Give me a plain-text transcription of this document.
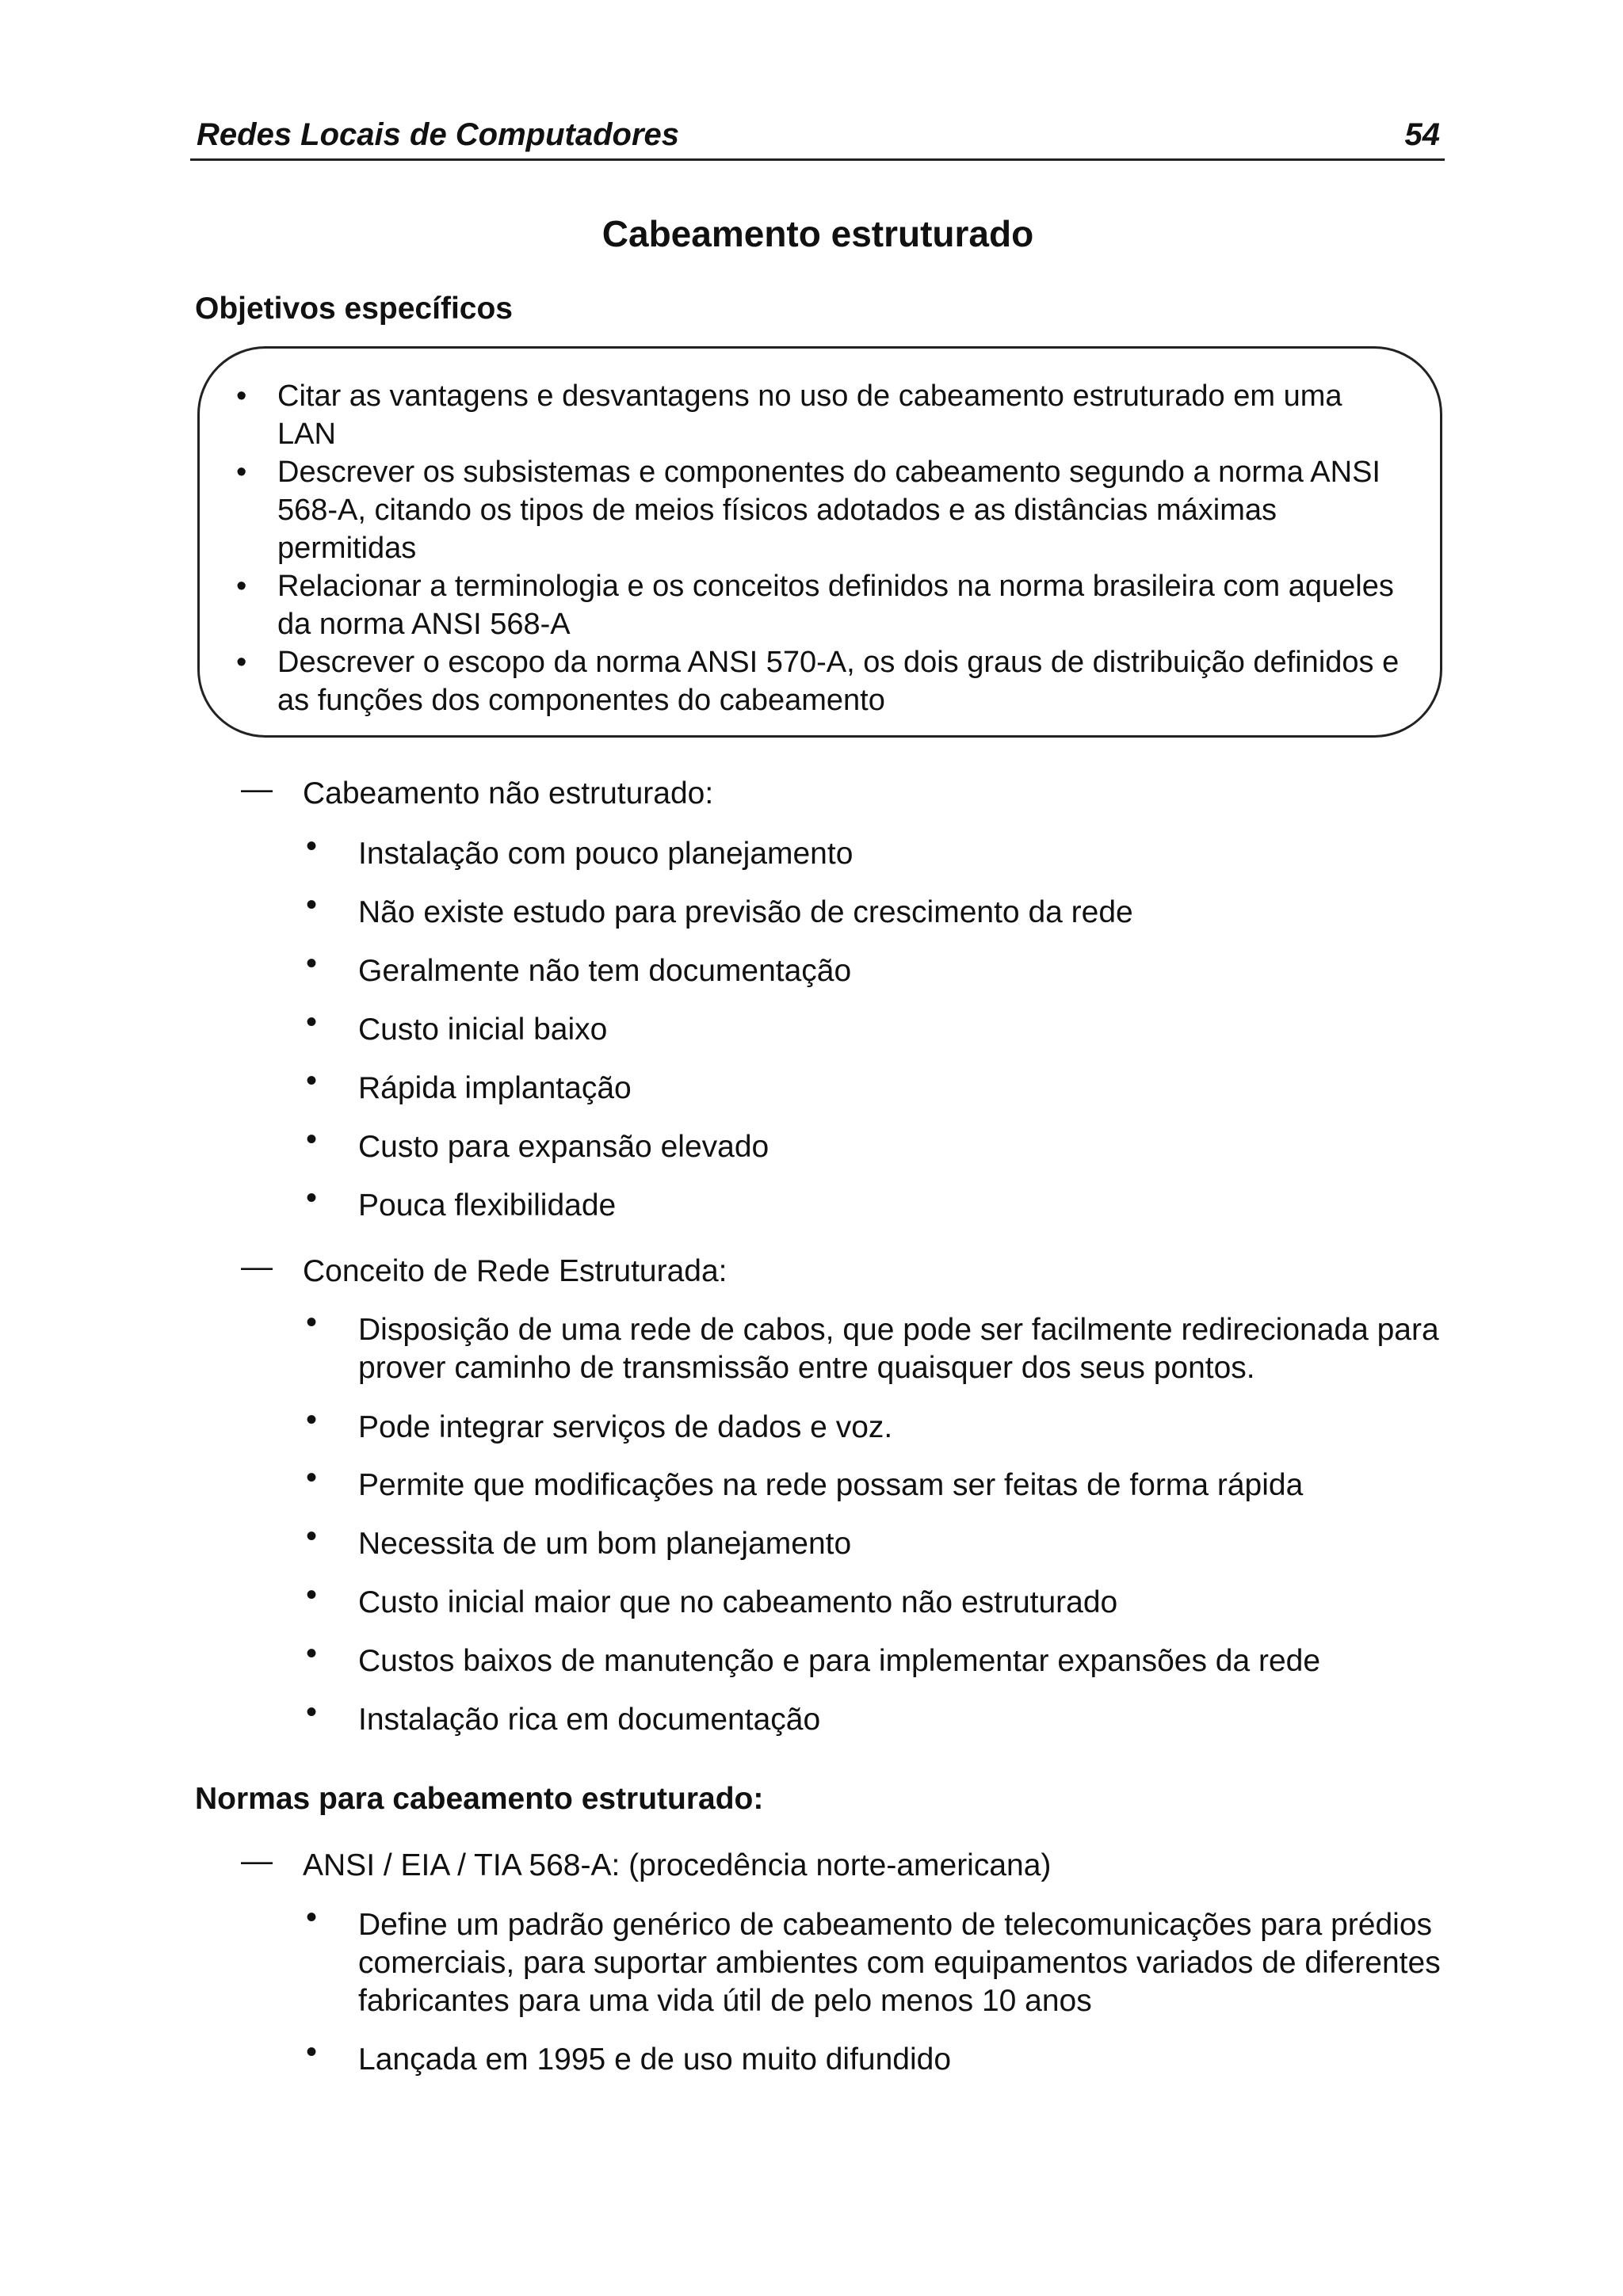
Redes Locais de Computadores	54
Cabeamento estruturado
Objetivos específicos
• Citar as vantagens e desvantagens no uso de cabeamento estruturado em uma LAN
• Descrever os subsistemas e componentes do cabeamento segundo a norma ANSI 568-A, citando os tipos de meios físicos adotados e as distâncias máximas permitidas
• Relacionar a terminologia e os conceitos definidos na norma brasileira com aqueles da norma ANSI 568-A
• Descrever o escopo da norma ANSI 570-A, os dois graus de distribuição definidos e as funções dos componentes do cabeamento
— Cabeamento não estruturado:
• Instalação com pouco planejamento
• Não existe estudo para previsão de crescimento da rede
• Geralmente não tem documentação
• Custo inicial baixo
• Rápida implantação
• Custo para expansão elevado
• Pouca flexibilidade
— Conceito de Rede Estruturada:
• Disposição de uma rede de cabos, que pode ser facilmente redirecionada para prover caminho de transmissão entre quaisquer dos seus pontos.
• Pode integrar serviços de dados e voz.
• Permite que modificações na rede possam ser feitas de forma rápida
• Necessita de um bom planejamento
• Custo inicial maior que no cabeamento não estruturado
• Custos baixos de manutenção e para implementar expansões da rede
• Instalação rica em documentação
Normas para cabeamento estruturado:
— ANSI / EIA / TIA 568-A: (procedência norte-americana)
• Define um padrão genérico de cabeamento de telecomunicações para prédios comerciais, para suportar ambientes com equipamentos variados de diferentes fabricantes para uma vida útil de pelo menos 10 anos
• Lançada em 1995 e de uso muito difundido
